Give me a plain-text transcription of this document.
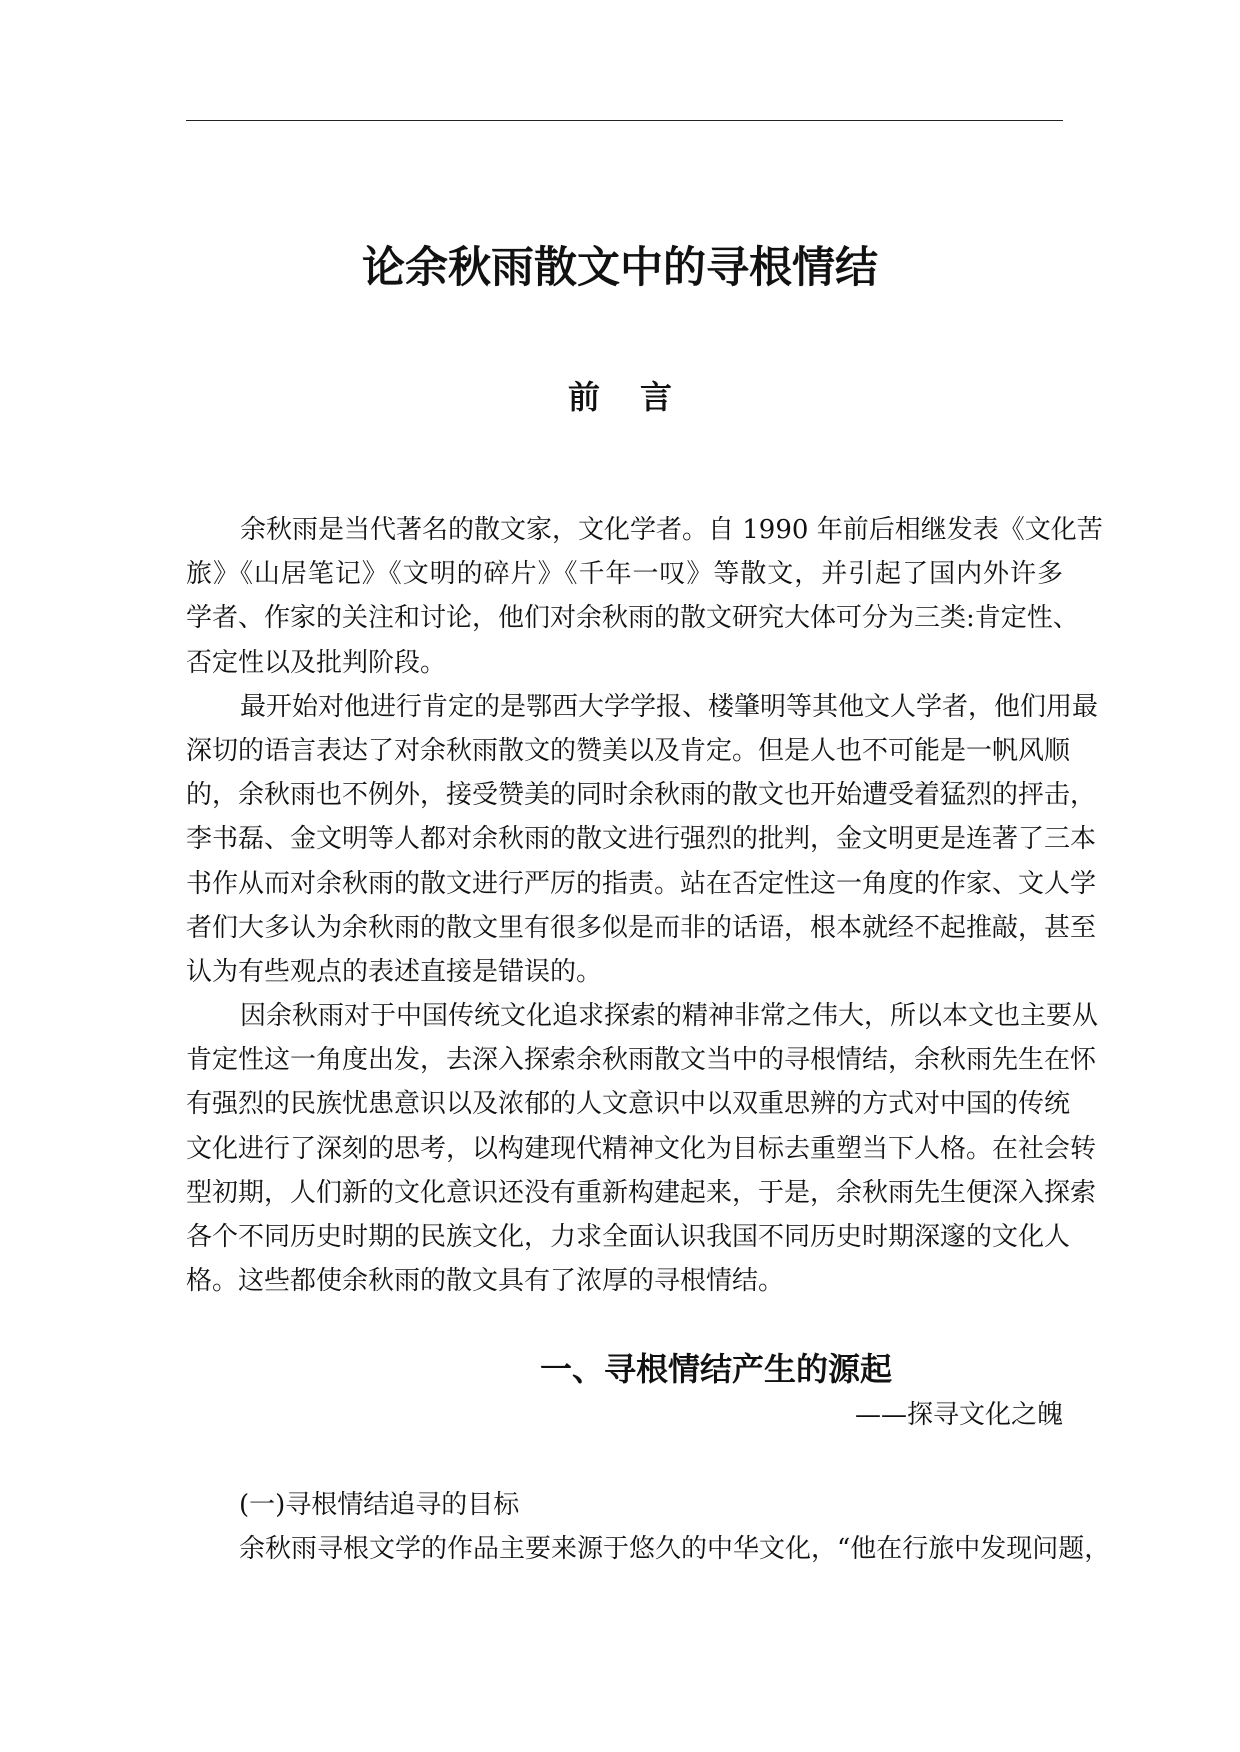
论余秋雨散文中的寻根情结
前言
余秋雨是当代著名的散文家，文化学者。自 1990 年前后相继发表《文化苦
旅》《山居笔记》《文明的碎片》《千年一叹》等散文，并引起了国内外许多
学者、作家的关注和讨论，他们对余秋雨的散文研究大体可分为三类:肯定性、
否定性以及批判阶段。
最开始对他进行肯定的是鄂西大学学报、楼肇明等其他文人学者，他们用最
深切的语言表达了对余秋雨散文的赞美以及肯定。但是人也不可能是一帆风顺
的，余秋雨也不例外，接受赞美的同时余秋雨的散文也开始遭受着猛烈的抨击，
李书磊、金文明等人都对余秋雨的散文进行强烈的批判，金文明更是连著了三本
书作从而对余秋雨的散文进行严厉的指责。站在否定性这一角度的作家、文人学
者们大多认为余秋雨的散文里有很多似是而非的话语，根本就经不起推敲，甚至
认为有些观点的表述直接是错误的。
因余秋雨对于中国传统文化追求探索的精神非常之伟大，所以本文也主要从
肯定性这一角度出发，去深入探索余秋雨散文当中的寻根情结，余秋雨先生在怀
有强烈的民族忧患意识以及浓郁的人文意识中以双重思辨的方式对中国的传统
文化进行了深刻的思考，以构建现代精神文化为目标去重塑当下人格。在社会转
型初期，人们新的文化意识还没有重新构建起来，于是，余秋雨先生便深入探索
各个不同历史时期的民族文化，力求全面认识我国不同历史时期深邃的文化人
格。这些都使余秋雨的散文具有了浓厚的寻根情结。
一、寻根情结产生的源起
——探寻文化之魄
(一)寻根情结追寻的目标
余秋雨寻根文学的作品主要来源于悠久的中华文化，“他在行旅中发现问题，
